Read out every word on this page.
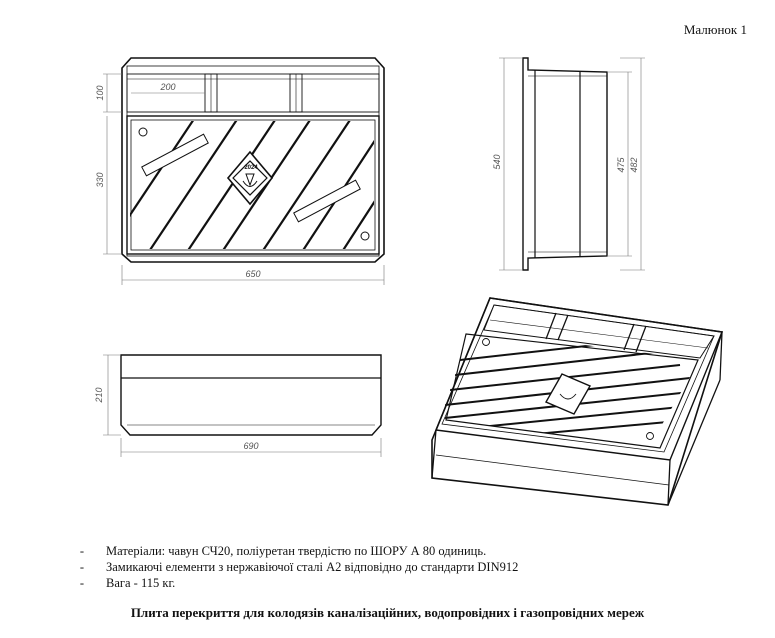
Малюнок 1
2024
100
330
200
650
540	475 482
210
690
-	Матеріали: чавун СЧ20, поліуретан твердістю по ШОРУ А 80 одиниць.
-	Замикаючі елементи з нержавіючої сталі А2 відповідно до стандарти DIN912
-	Вага - 115 кг.
Плита перекриття для колодязів каналізаційних, водопровідних і газопровідних мереж
